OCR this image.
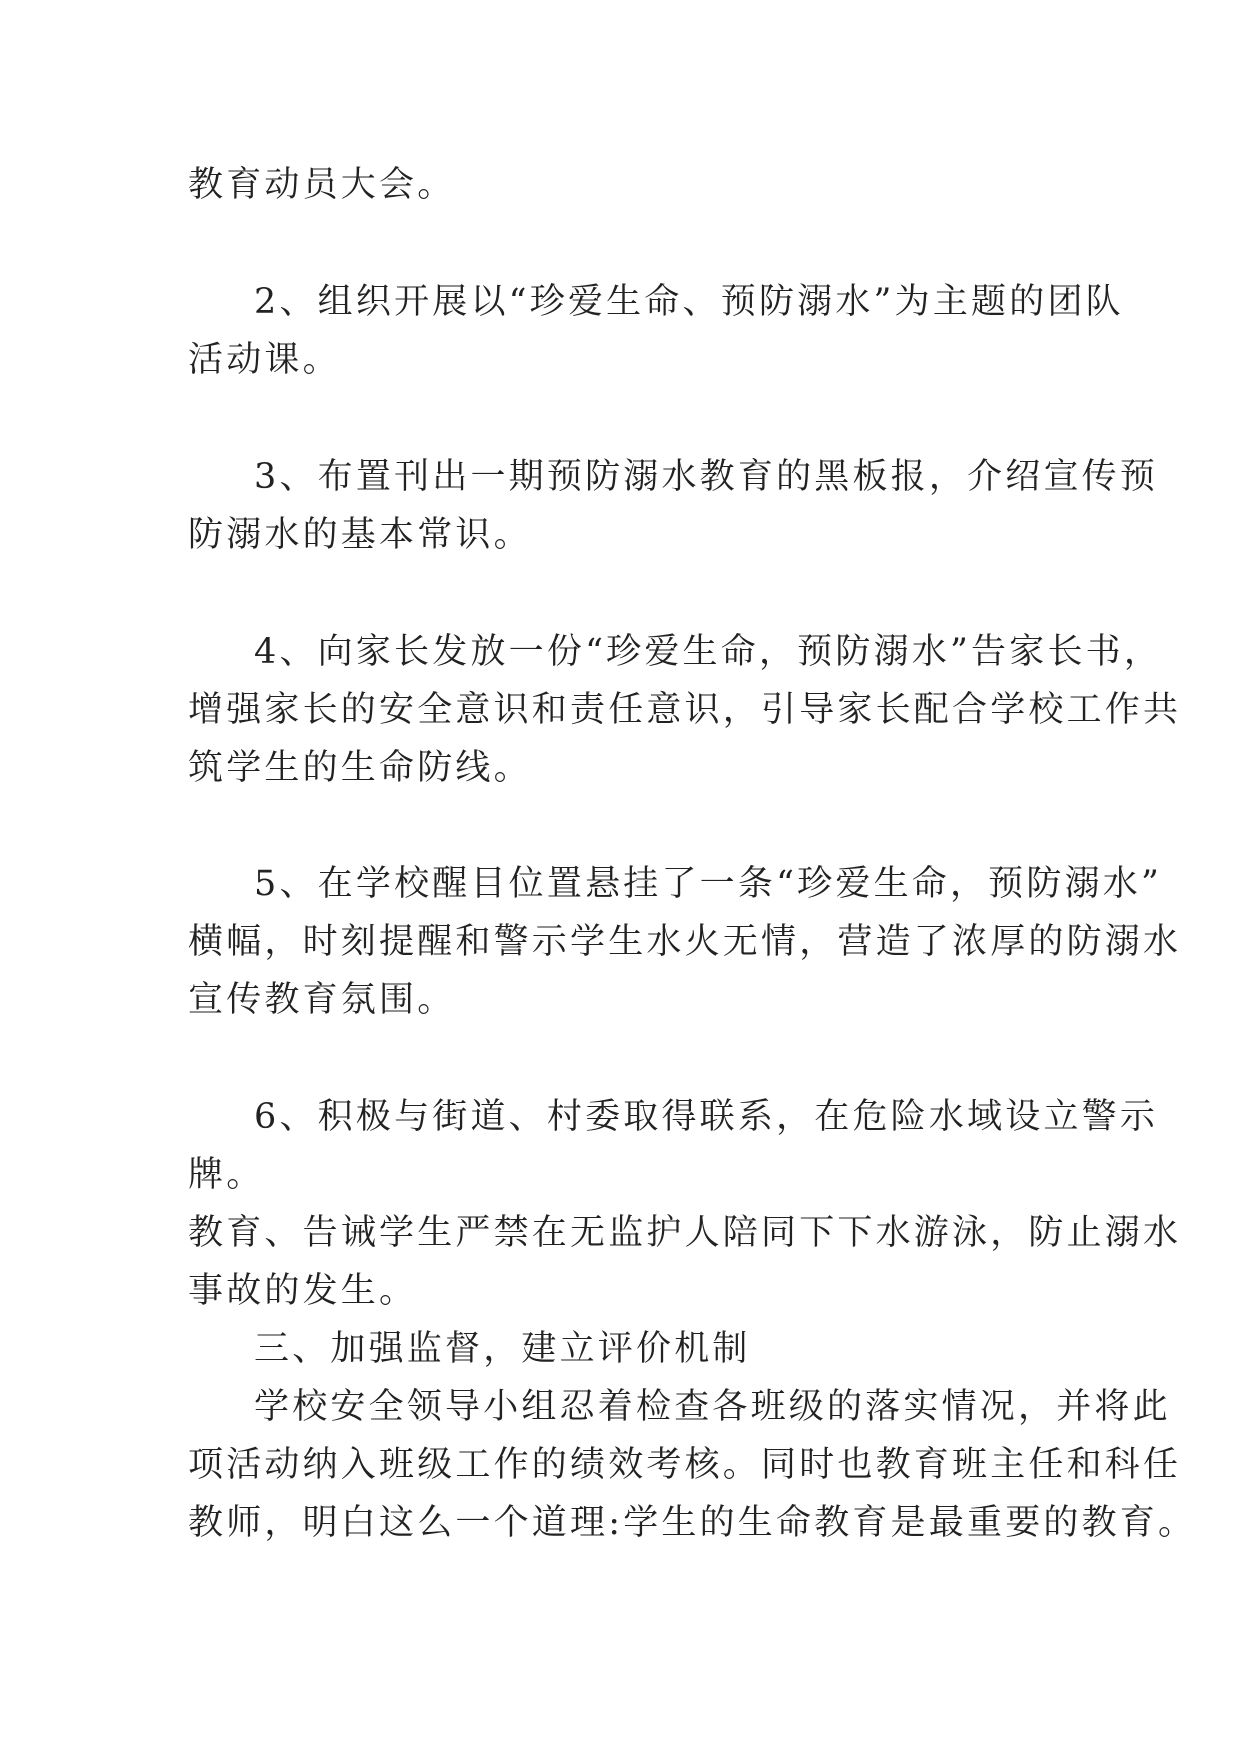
教育动员大会。
2、组织开展以“珍爱生命、预防溺水”为主题的团队
活动课。
3、布置刊出一期预防溺水教育的黑板报，介绍宣传预
防溺水的基本常识。
4、向家长发放一份“珍爱生命，预防溺水”告家长书，
增强家长的安全意识和责任意识，引导家长配合学校工作共
筑学生的生命防线。
5、在学校醒目位置悬挂了一条“珍爱生命，预防溺水”
横幅，时刻提醒和警示学生水火无情，营造了浓厚的防溺水
宣传教育氛围。
6、积极与街道、村委取得联系，在危险水域设立警示
牌。
教育、告诫学生严禁在无监护人陪同下下水游泳，防止溺水
事故的发生。
三、加强监督，建立评价机制
学校安全领导小组忍着检查各班级的落实情况，并将此
项活动纳入班级工作的绩效考核。同时也教育班主任和科任
教师，明白这么一个道理:学生的生命教育是最重要的教育。
